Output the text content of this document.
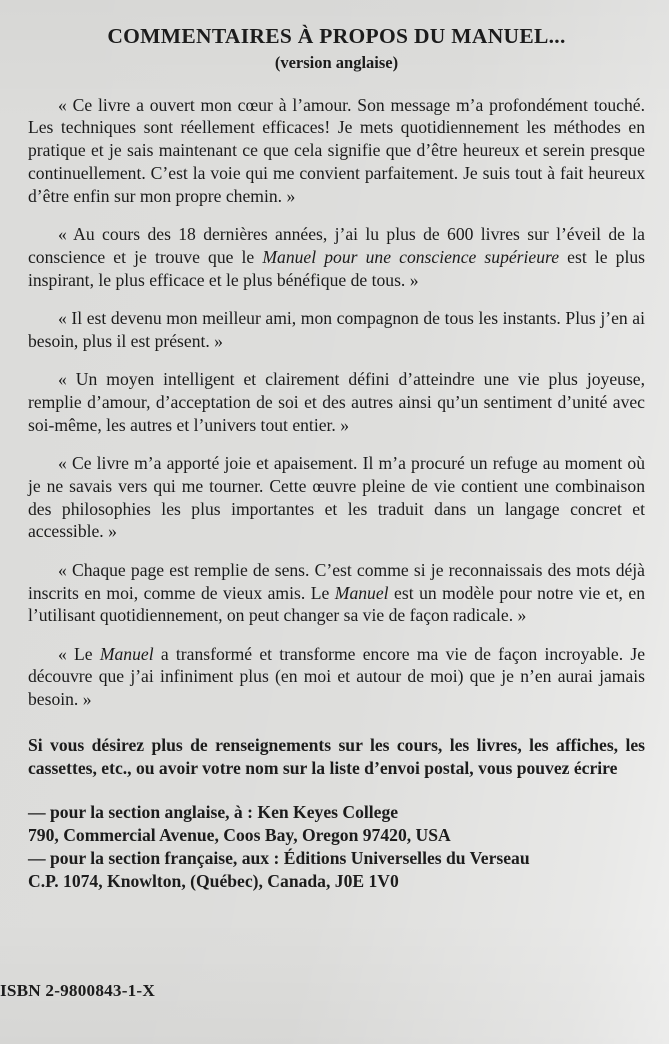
COMMENTAIRES À PROPOS DU MANUEL...
(version anglaise)

« Ce livre a ouvert mon cœur à l’amour. Son message m’a profondément touché. Les techniques sont réellement efficaces! Je mets quotidiennement les méthodes en pratique et je sais maintenant ce que cela signifie que d’être heureux et serein presque continuellement. C’est la voie qui me convient parfaitement. Je suis tout à fait heureux d’être enfin sur mon propre chemin. »

« Au cours des 18 dernières années, j’ai lu plus de 600 livres sur l’éveil de la conscience et je trouve que le Manuel pour une conscience supérieure est le plus inspirant, le plus efficace et le plus bénéfique de tous. »

« Il est devenu mon meilleur ami, mon compagnon de tous les instants. Plus j’en ai besoin, plus il est présent. »

« Un moyen intelligent et clairement défini d’atteindre une vie plus joyeuse, remplie d’amour, d’acceptation de soi et des autres ainsi qu’un sentiment d’unité avec soi-même, les autres et l’univers tout entier. »

« Ce livre m’a apporté joie et apaisement. Il m’a procuré un refuge au moment où je ne savais vers qui me tourner. Cette œuvre pleine de vie contient une combinaison des philosophies les plus importantes et les traduit dans un langage concret et accessible. »

« Chaque page est remplie de sens. C’est comme si je reconnaissais des mots déjà inscrits en moi, comme de vieux amis. Le Manuel est un modèle pour notre vie et, en l’utilisant quotidiennement, on peut changer sa vie de façon radicale. »

« Le Manuel a transformé et transforme encore ma vie de façon incroyable. Je découvre que j’ai infiniment plus (en moi et autour de moi) que je n’en aurai jamais besoin. »

Si vous désirez plus de renseignements sur les cours, les livres, les affiches, les cassettes, etc., ou avoir votre nom sur la liste d’envoi postal, vous pouvez écrire

— pour la section anglaise, à : Ken Keyes College
790, Commercial Avenue, Coos Bay, Oregon 97420, USA
— pour la section française, aux : Éditions Universelles du Verseau
C.P. 1074, Knowlton, (Québec), Canada, J0E 1V0
ISBN 2-9800843-1-X
